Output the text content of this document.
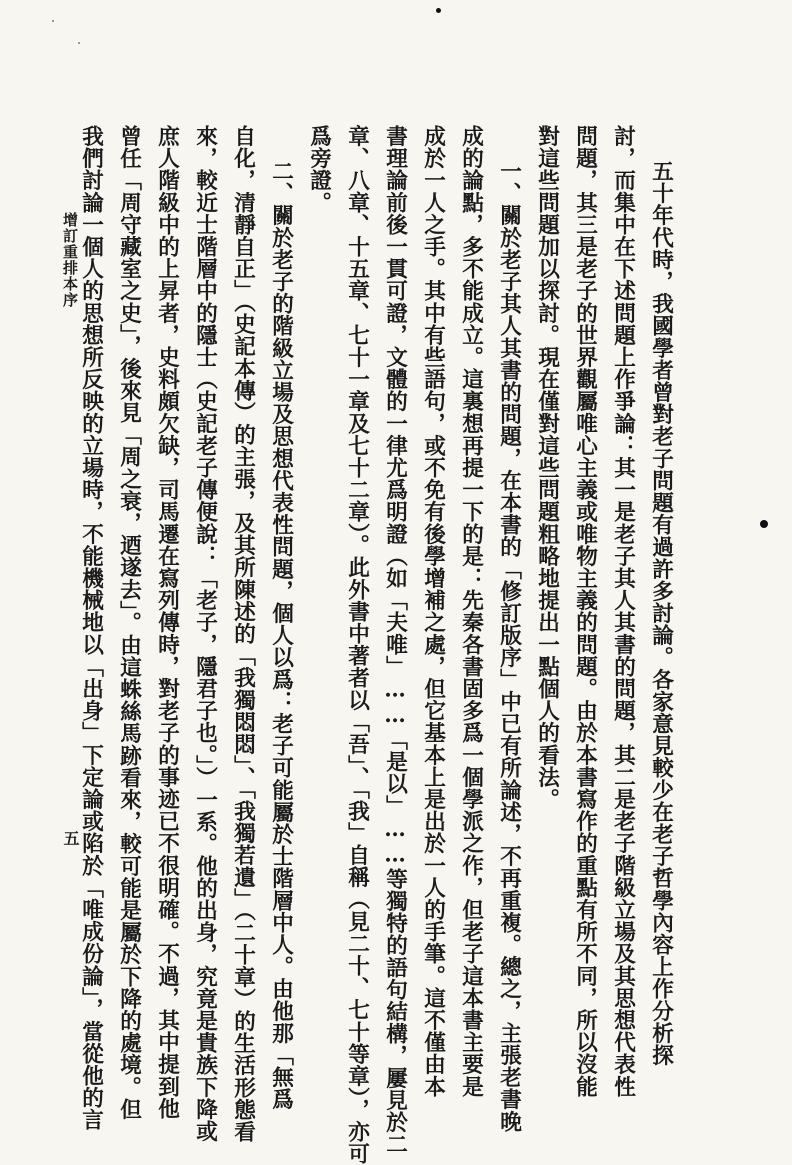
五十年代時，我國學者曾對老子問題有過許多討論。各家意見較少在老子哲學內容上作分析探
討，而集中在下述問題上作爭論：其一是老子其人其書的問題，其二是老子階級立場及其思想代表性
問題，其三是老子的世界觀屬唯心主義或唯物主義的問題。由於本書寫作的重點有所不同，所以沒能
對這些問題加以探討。現在僅對這些問題粗略地提出一點個人的看法。
一、關於老子其人其書的問題，在本書的「修訂版序」中已有所論述，不再重複。總之，主張老書晚
成的論點，多不能成立。這裏想再提一下的是：先秦各書固多爲一個學派之作，但老子這本書主要是
成於一人之手。其中有些語句，或不免有後學增補之處，但它基本上是出於一人的手筆。這不僅由本
書理論前後一貫可證，文體的一律尤爲明證（如「夫唯」……「是以」……等獨特的語句結構，屢見於二
章、八章、十五章、七十一章及七十二章）。此外書中著者以「吾」、「我」自稱（見二十、七十等章），亦可
爲旁證。
二、關於老子的階級立場及思想代表性問題，個人以爲：老子可能屬於士階層中人。由他那「無爲
自化，清靜自正」（史記本傳）的主張，及其所陳述的「我獨悶悶」、「我獨若遺」（二十章）的生活形態看
來，較近士階層中的隱士（史記老子傳便說：「老子，隱君子也。」）一系。他的出身，究竟是貴族下降或
庶人階級中的上昇者，史料頗欠缺，司馬遷在寫列傳時，對老子的事迹已不很明確。不過，其中提到他
曾任「周守藏室之史」，後來見「周之衰，迺遂去」。由這蛛絲馬跡看來，較可能是屬於下降的處境。但
我們討論一個人的思想所反映的立場時，不能機械地以「出身」下定論或陷於「唯成份論」，當從他的言
增訂重排本序
五
